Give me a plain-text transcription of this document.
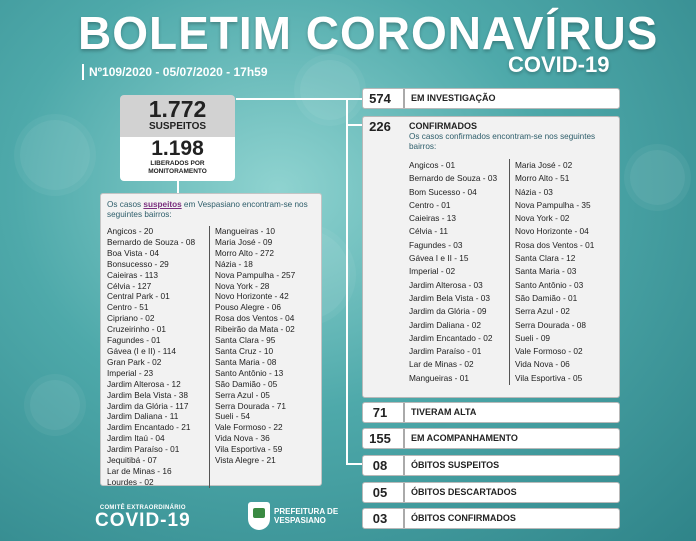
BOLETIM CORONAVÍRUS
COVID-19
Nº109/2020 - 05/07/2020 - 17h59
1.772
SUSPEITOS
1.198
LIBERADOS POR MONITORAMENTO
Os casos suspeitos em Vespasiano encontram-se nos seguintes bairros:
Angicos - 20
Bernardo de Souza - 08
Boa Vista - 04
Bonsucesso - 29
Caieiras - 113
Célvia - 127
Central Park - 01
Centro - 51
Cipriano - 02
Cruzeirinho - 01
Fagundes - 01
Gávea (I e II) - 114
Gran Park - 02
Imperial - 23
Jardim Alterosa - 12
Jardim Bela Vista - 38
Jardim da Glória - 117
Jardim Daliana - 11
Jardim Encantado - 21
Jardim Itaú - 04
Jardim Paraíso - 01
Jequitibá - 07
Lar de Minas - 16
Lourdes - 02
Mangueiras - 10
Maria José - 09
Morro Alto - 272
Názia - 18
Nova Pampulha - 257
Nova York - 28
Novo Horizonte - 42
Pouso Alegre - 06
Rosa dos Ventos - 04
Ribeirão da Mata - 02
Santa Clara - 95
Santa Cruz - 10
Santa Maria - 08
Santo Antônio - 13
São Damião - 05
Serra Azul - 05
Serra Dourada - 71
Sueli - 54
Vale Formoso - 22
Vida Nova - 36
Vila Esportiva - 59
Vista Alegre - 21
574	EM INVESTIGAÇÃO
226	CONFIRMADOS
Os casos confirmados encontram-se nos seguintes bairros:
Angicos - 01
Bernardo de Souza - 03
Bom Sucesso - 04
Centro - 01
Caieiras - 13
Célvia - 11
Fagundes - 03
Gávea I e II - 15
Imperial - 02
Jardim Alterosa - 03
Jardim Bela Vista - 03
Jardim da Glória - 09
Jardim Daliana - 02
Jardim Encantado - 02
Jardim Paraíso - 01
Lar de Minas - 02
Mangueiras - 01
Maria José - 02
Morro Alto - 51
Názia - 03
Nova Pampulha - 35
Nova York - 02
Novo Horizonte - 04
Rosa dos Ventos - 01
Santa Clara - 12
Santa Maria - 03
Santo Antônio - 03
São Damião - 01
Serra Azul - 02
Serra Dourada - 08
Sueli - 09
Vale Formoso - 02
Vida Nova - 06
Vila Esportiva - 05
71	TIVERAM ALTA
155	EM ACOMPANHAMENTO
08	ÓBITOS SUSPEITOS
05	ÓBITOS DESCARTADOS
03	ÓBITOS CONFIRMADOS
COMITÊ EXTRAORDINÁRIO
COVID-19	PREFEITURA DE
VESPASIANO
